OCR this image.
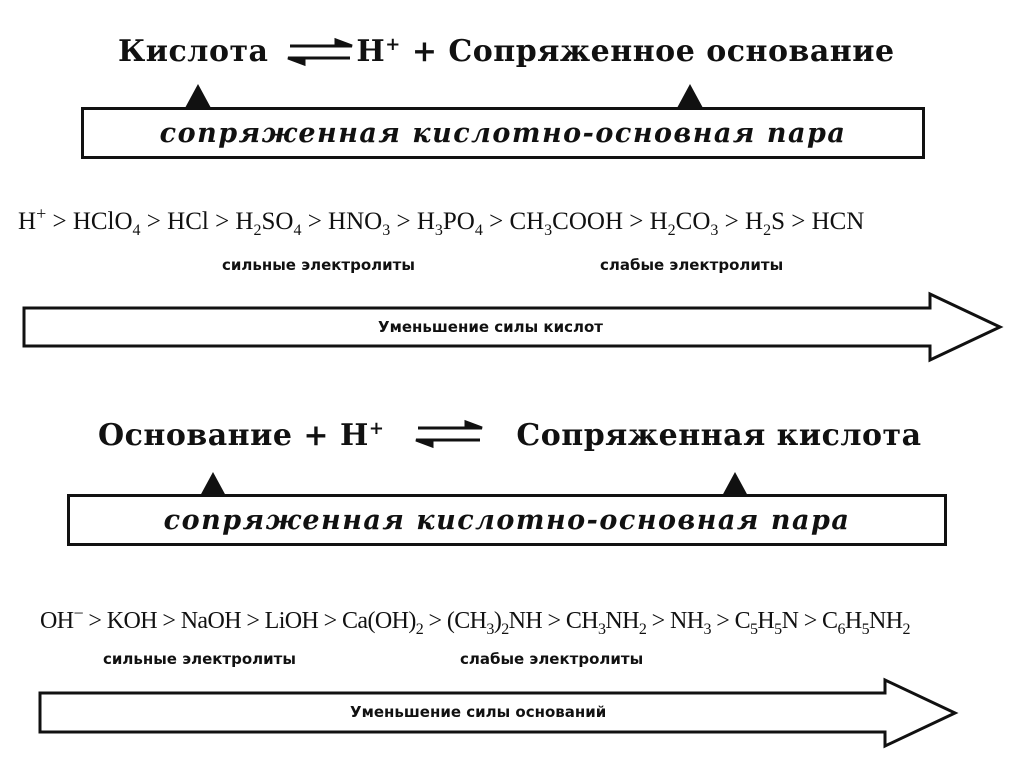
Кислота	H+ + Сопряженное основание
сопряженная кислотно-основная пара
H+ > HClO$_4$ > HCl > $H_2SO_4 > HNO_3 > H_3PO_4$ > $CH_3COOH > H_2CO_3 > H_2S$ > HCN
сильные электролиты	слабые электролиты
Уменьшение силы кислот
Основание + H+	Сопряженная кислота
сопряженная кислотно-основная пара
OH− > KOH > NaOH > LiOH > $Ca(OH)_2 > (CH_3)_2NH > CH_3NH_2 > NH_3 > C_5H_5N > C_6H_5NH_2$
сильные электролиты	слабые электролиты
Уменьшение силы оснований
